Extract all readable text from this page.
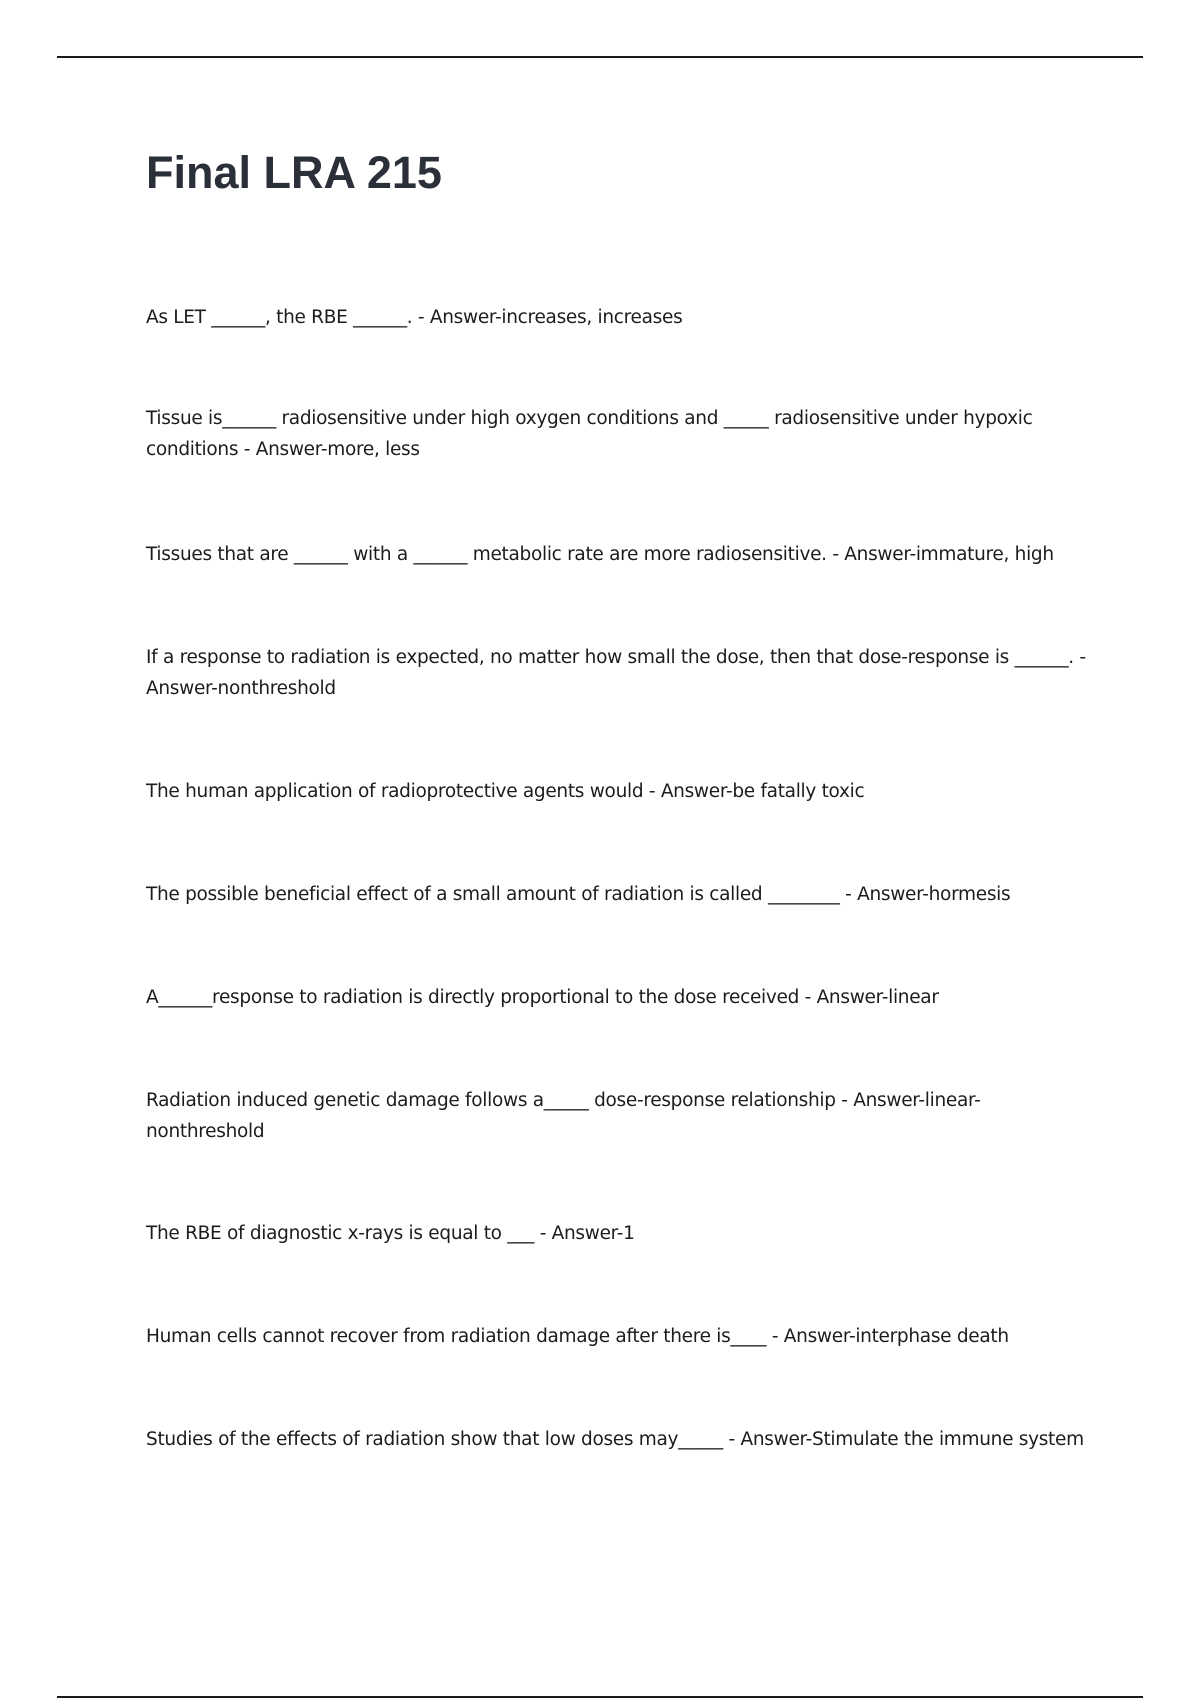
Final LRA 215
As LET ______, the RBE ______. - Answer-increases, increases
Tissue is______ radiosensitive under high oxygen conditions and _____ radiosensitive under hypoxic conditions - Answer-more, less
Tissues that are ______ with a ______ metabolic rate are more radiosensitive. - Answer-immature, high
If a response to radiation is expected, no matter how small the dose, then that dose-response is ______. - Answer-nonthreshold
The human application of radioprotective agents would - Answer-be fatally toxic
The possible beneficial effect of a small amount of radiation is called ________ - Answer-hormesis
A______response to radiation is directly proportional to the dose received - Answer-linear
Radiation induced genetic damage follows a_____ dose-response relationship - Answer-linear-nonthreshold
The RBE of diagnostic x-rays is equal to ___ - Answer-1
Human cells cannot recover from radiation damage after there is____ - Answer-interphase death
Studies of the effects of radiation show that low doses may_____ - Answer-Stimulate the immune system
